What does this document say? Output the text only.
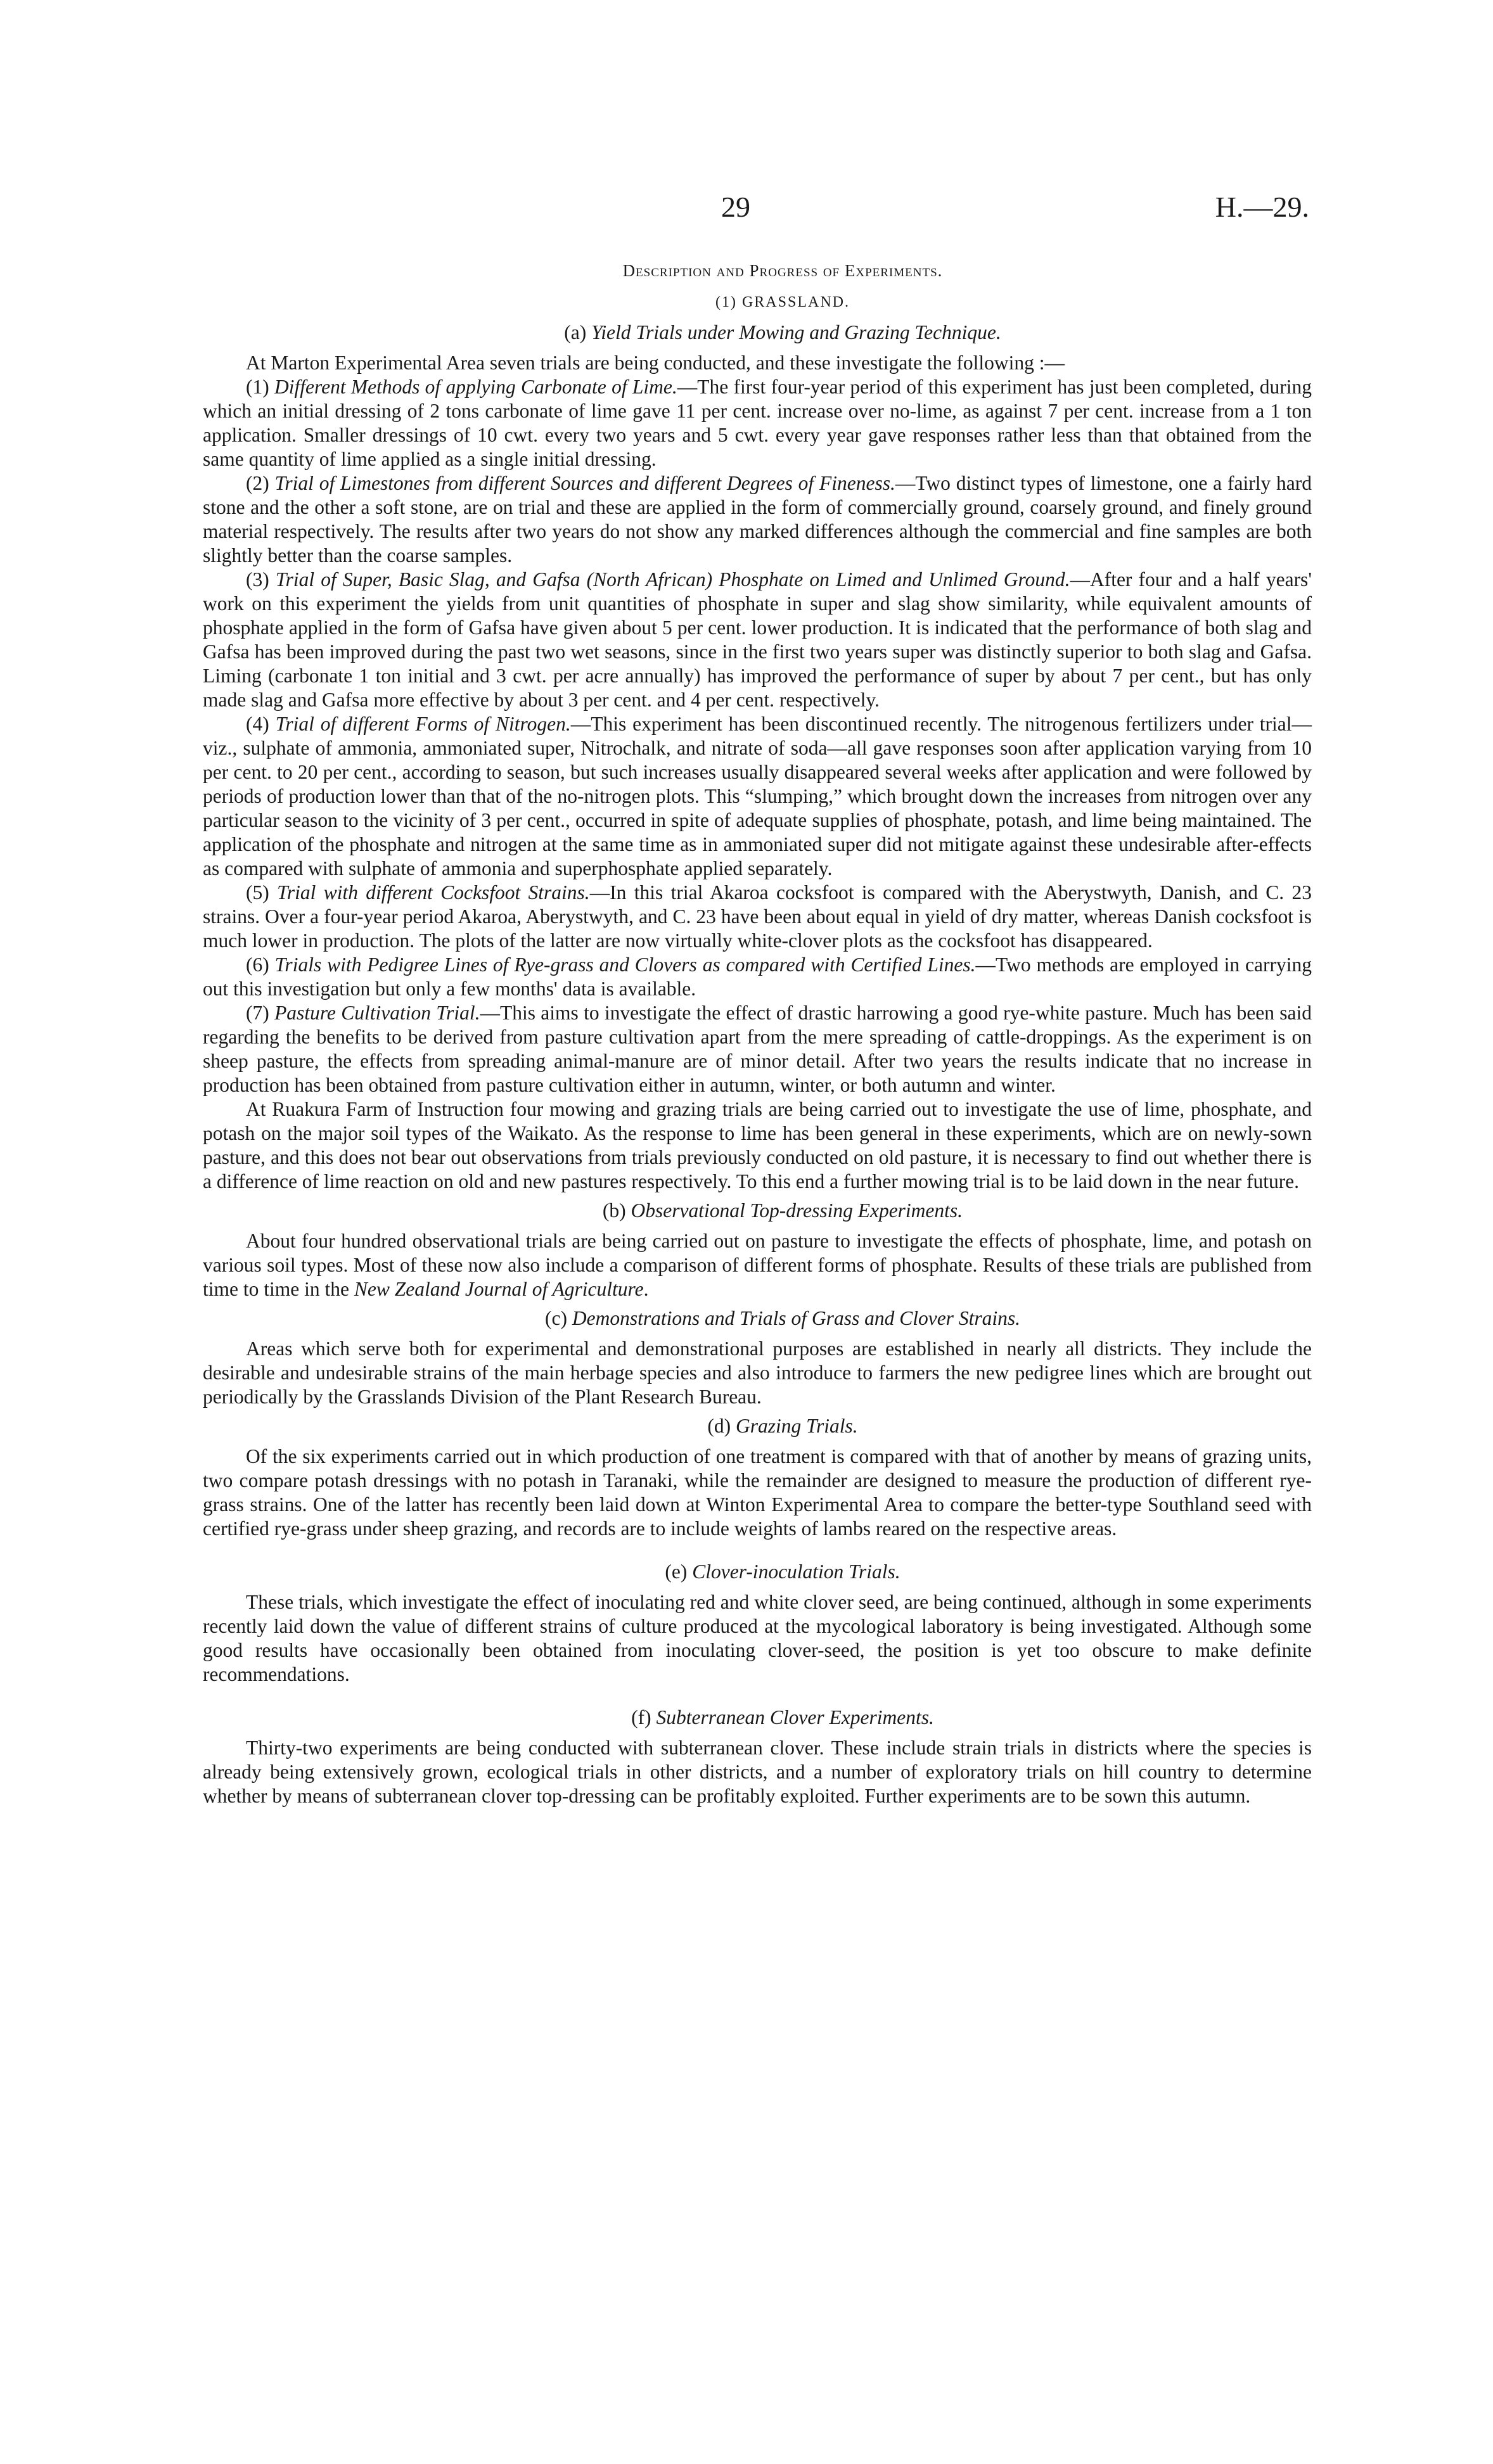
29	H.—29.
Description and Progress of Experiments.
(1) GRASSLAND.
(a) Yield Trials under Mowing and Grazing Technique.

At Marton Experimental Area seven trials are being conducted, and these investigate the following :—

(1) Different Methods of applying Carbonate of Lime.—The first four-year period of this experiment has just been completed, during which an initial dressing of 2 tons carbonate of lime gave 11 per cent. increase over no-lime, as against 7 per cent. increase from a 1 ton application. Smaller dressings of 10 cwt. every two years and 5 cwt. every year gave responses rather less than that obtained from the same quantity of lime applied as a single initial dressing.

(2) Trial of Limestones from different Sources and different Degrees of Fineness.—Two distinct types of limestone, one a fairly hard stone and the other a soft stone, are on trial and these are applied in the form of commercially ground, coarsely ground, and finely ground material respectively. The results after two years do not show any marked differences although the commercial and fine samples are both slightly better than the coarse samples.

(3) Trial of Super, Basic Slag, and Gafsa (North African) Phosphate on Limed and Unlimed Ground.—After four and a half years' work on this experiment the yields from unit quantities of phosphate in super and slag show similarity, while equivalent amounts of phosphate applied in the form of Gafsa have given about 5 per cent. lower production. It is indicated that the performance of both slag and Gafsa has been improved during the past two wet seasons, since in the first two years super was distinctly superior to both slag and Gafsa. Liming (carbonate 1 ton initial and 3 cwt. per acre annually) has improved the performance of super by about 7 per cent., but has only made slag and Gafsa more effective by about 3 per cent. and 4 per cent. respectively.

(4) Trial of different Forms of Nitrogen.—This experiment has been discontinued recently. The nitrogenous fertilizers under trial—viz., sulphate of ammonia, ammoniated super, Nitrochalk, and nitrate of soda—all gave responses soon after application varying from 10 per cent. to 20 per cent., according to season, but such increases usually disappeared several weeks after application and were followed by periods of production lower than that of the no-nitrogen plots. This “slumping,” which brought down the increases from nitrogen over any particular season to the vicinity of 3 per cent., occurred in spite of adequate supplies of phosphate, potash, and lime being maintained. The application of the phosphate and nitrogen at the same time as in ammoniated super did not mitigate against these undesirable after-effects as compared with sulphate of ammonia and superphosphate applied separately.

(5) Trial with different Cocksfoot Strains.—In this trial Akaroa cocksfoot is compared with the Aberystwyth, Danish, and C. 23 strains. Over a four-year period Akaroa, Aberystwyth, and C. 23 have been about equal in yield of dry matter, whereas Danish cocksfoot is much lower in production. The plots of the latter are now virtually white-clover plots as the cocksfoot has disappeared.

(6) Trials with Pedigree Lines of Rye-grass and Clovers as compared with Certified Lines.—Two methods are employed in carrying out this investigation but only a few months' data is available.

(7) Pasture Cultivation Trial.—This aims to investigate the effect of drastic harrowing a good rye-white pasture. Much has been said regarding the benefits to be derived from pasture cultivation apart from the mere spreading of cattle-droppings. As the experiment is on sheep pasture, the effects from spreading animal-manure are of minor detail. After two years the results indicate that no increase in production has been obtained from pasture cultivation either in autumn, winter, or both autumn and winter.

At Ruakura Farm of Instruction four mowing and grazing trials are being carried out to investigate the use of lime, phosphate, and potash on the major soil types of the Waikato. As the response to lime has been general in these experiments, which are on newly-sown pasture, and this does not bear out observations from trials previously conducted on old pasture, it is necessary to find out whether there is a difference of lime reaction on old and new pastures respectively. To this end a further mowing trial is to be laid down in the near future.

(b) Observational Top-dressing Experiments.

About four hundred observational trials are being carried out on pasture to investigate the effects of phosphate, lime, and potash on various soil types. Most of these now also include a comparison of different forms of phosphate. Results of these trials are published from time to time in the New Zealand Journal of Agriculture.

(c) Demonstrations and Trials of Grass and Clover Strains.

Areas which serve both for experimental and demonstrational purposes are established in nearly all districts. They include the desirable and undesirable strains of the main herbage species and also introduce to farmers the new pedigree lines which are brought out periodically by the Grasslands Division of the Plant Research Bureau.

(d) Grazing Trials.

Of the six experiments carried out in which production of one treatment is compared with that of another by means of grazing units, two compare potash dressings with no potash in Taranaki, while the remainder are designed to measure the production of different rye-grass strains. One of the latter has recently been laid down at Winton Experimental Area to compare the better-type Southland seed with certified rye-grass under sheep grazing, and records are to include weights of lambs reared on the respective areas.

(e) Clover-inoculation Trials.

These trials, which investigate the effect of inoculating red and white clover seed, are being continued, although in some experiments recently laid down the value of different strains of culture produced at the mycological laboratory is being investigated. Although some good results have occasionally been obtained from inoculating clover-seed, the position is yet too obscure to make definite recommendations.

(f) Subterranean Clover Experiments.

Thirty-two experiments are being conducted with subterranean clover. These include strain trials in districts where the species is already being extensively grown, ecological trials in other districts, and a number of exploratory trials on hill country to determine whether by means of subterranean clover top-dressing can be profitably exploited. Further experiments are to be sown this autumn.
